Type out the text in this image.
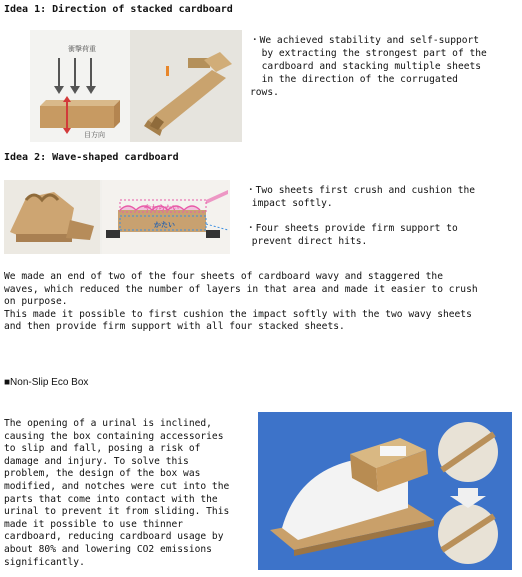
Idea 1: Direction of stacked cardboard
衝撃荷重
目方向
・We achieved stability and self-support
by extracting the strongest part of the
cardboard and stacking multiple sheets
in the direction of the corrugated
rows.
Idea 2: Wave-shaped cardboard
やわらかい
かたい
・Two sheets first crush and cushion the
impact softly.
・Four sheets provide firm support to
prevent direct hits.
We made an end of two of the four sheets of cardboard wavy and staggered the
waves, which reduced the number of layers in that area and made it easier to crush
on purpose.
This made it possible to first cushion the impact softly with the two wavy sheets
and then provide firm support with all four stacked sheets.
■Non-Slip Eco Box
The opening of a urinal is inclined,
causing the box containing accessories
to slip and fall, posing a risk of
damage and injury. To solve this
problem, the design of the box was
modified, and notches were cut into the
parts that come into contact with the
urinal to prevent it from sliding. This
made it possible to use thinner
cardboard, reducing cardboard usage by
about 80% and lowering CO2 emissions
significantly.
